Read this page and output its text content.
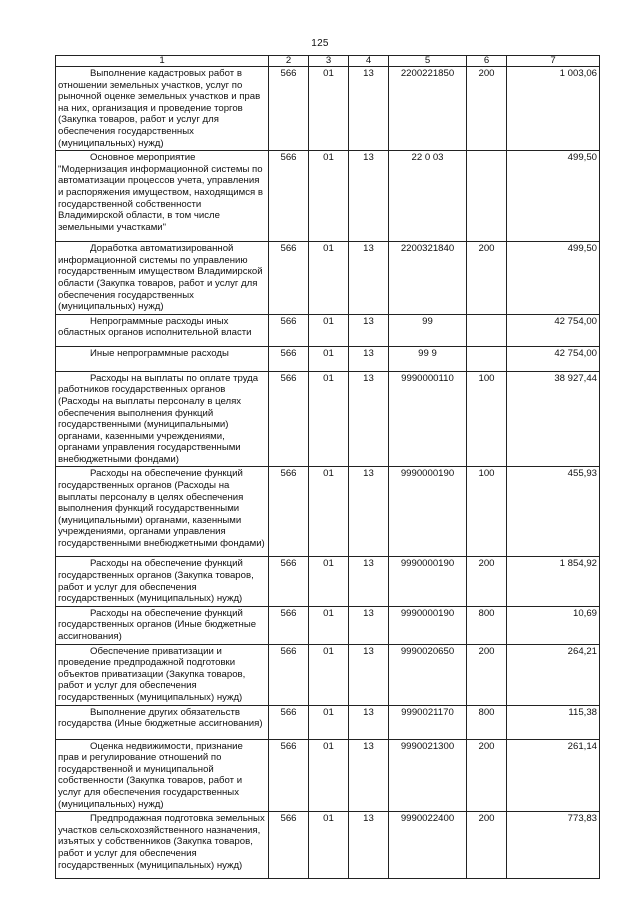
125
1	2	3	4	5	6	7
Выполнение кадастровых работ в отношении земельных участков, услуг по рыночной оценке земельных участков и прав на них, организация и проведение торгов (Закупка товаров, работ и услуг для обеспечения государственных (муниципальных) нужд)	566	01	13	2200221850	200	1 003,06
Основное мероприятие "Модернизация информационной системы по автоматизации процессов учета, управления и распоряжения имуществом, находящимся в государственной собственности Владимирской области, в том числе земельными участками"	566	01	13	22 0 03		499,50
Доработка автоматизированной информационной системы по управлению государственным имуществом Владимирской области (Закупка товаров, работ и услуг для обеспечения государственных (муниципальных) нужд)	566	01	13	2200321840	200	499,50
Непрограммные расходы иных областных органов исполнительной власти	566	01	13	99		42 754,00
Иные непрограммные расходы	566	01	13	99 9		42 754,00
Расходы на выплаты по оплате труда работников государственных органов (Расходы на выплаты персоналу в целях обеспечения выполнения функций государственными (муниципальными) органами, казенными учреждениями, органами управления государственными внебюджетными фондами)	566	01	13	9990000110	100	38 927,44
Расходы на обеспечение функций государственных органов (Расходы на выплаты персоналу в целях обеспечения выполнения функций государственными (муниципальными) органами, казенными учреждениями, органами управления государственными внебюджетными фондами)	566	01	13	9990000190	100	455,93
Расходы на обеспечение функций государственных органов (Закупка товаров, работ и услуг для обеспечения государственных (муниципальных) нужд)	566	01	13	9990000190	200	1 854,92
Расходы на обеспечение функций государственных органов (Иные бюджетные ассигнования)	566	01	13	9990000190	800	10,69
Обеспечение приватизации и проведение предпродажной подготовки объектов приватизации (Закупка товаров, работ и услуг для обеспечения государственных (муниципальных) нужд)	566	01	13	9990020650	200	264,21
Выполнение других обязательств государства (Иные бюджетные ассигнования)	566	01	13	9990021170	800	115,38
Оценка недвижимости, признание прав и регулирование отношений по государственной и муниципальной собственности (Закупка товаров, работ и услуг для обеспечения государственных (муниципальных) нужд)	566	01	13	9990021300	200	261,14
Предпродажная подготовка земельных участков сельскохозяйственного назначения, изъятых у собственников (Закупка товаров, работ и услуг для обеспечения государственных (муниципальных) нужд)	566	01	13	9990022400	200	773,83
